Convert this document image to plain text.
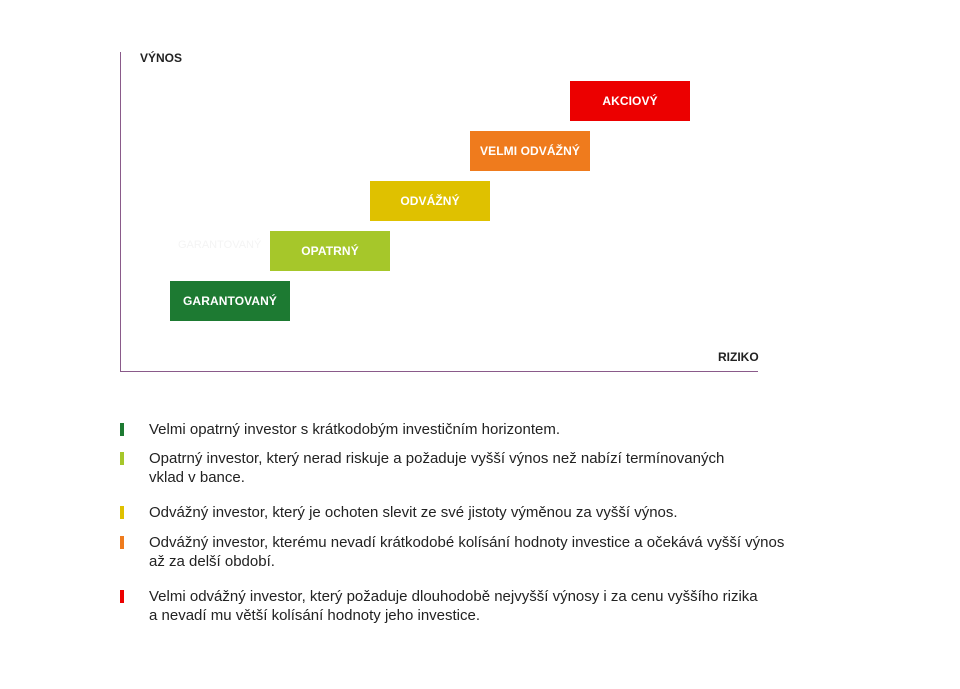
VÝNOS
RIZIKO
GARANTOVANÝ
GARANTOVANÝ
OPATRNÝ
ODVÁŽNÝ
VELMI ODVÁŽNÝ
AKCIOVÝ
Velmi opatrný investor s krátkodobým investičním horizontem.
Opatrný investor, který nerad riskuje a požaduje vyšší výnos než nabízí termínovaných
vklad v bance.
Odvážný investor, který je ochoten slevit ze své jistoty výměnou za vyšší výnos.
Odvážný investor, kterému nevadí krátkodobé kolísání hodnoty investice a očekává vyšší výnos
až za delší období.
Velmi odvážný investor, který požaduje dlouhodobě nejvyšší výnosy i za cenu vyššího rizika
a nevadí mu větší kolísání hodnoty jeho investice.
